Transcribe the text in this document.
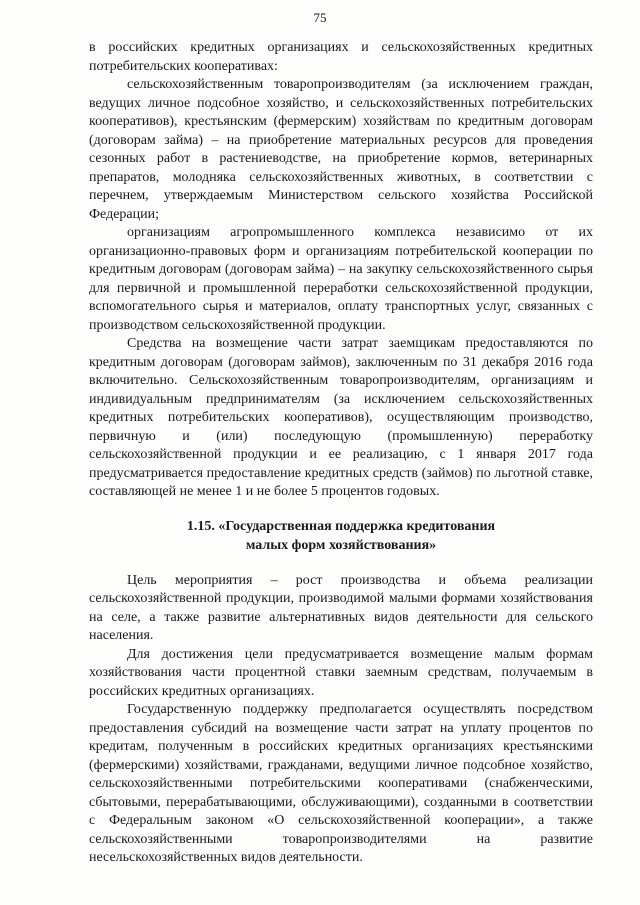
75

в российских кредитных организациях и сельскохозяйственных кредитных потребительских кооперативах:

сельскохозяйственным товаропроизводителям (за исключением граждан, ведущих личное подсобное хозяйство, и сельскохозяйственных потребительских кооперативов), крестьянским (фермерским) хозяйствам по кредитным договорам (договорам займа) – на приобретение материальных ресурсов для проведения сезонных работ в растениеводстве, на приобретение кормов, ветеринарных препаратов, молодняка сельскохозяйственных животных, в соответствии с перечнем, утверждаемым Министерством сельского хозяйства Российской Федерации;

организациям агропромышленного комплекса независимо от их организационно-правовых форм и организациям потребительской кооперации по кредитным договорам (договорам займа) – на закупку сельскохозяйственного сырья для первичной и промышленной переработки сельскохозяйственной продукции, вспомогательного сырья и материалов, оплату транспортных услуг, связанных с производством сельскохозяйственной продукции.

Средства на возмещение части затрат заемщикам предоставляются по кредитным договорам (договорам займов), заключенным по 31 декабря 2016 года включительно. Сельскохозяйственным товаропроизводителям, организациям и индивидуальным предпринимателям (за исключением сельскохозяйственных кредитных потребительских кооперативов), осуществляющим производство, первичную и (или) последующую (промышленную) переработку сельскохозяйственной продукции и ее реализацию, с 1 января 2017 года предусматривается предоставление кредитных средств (займов) по льготной ставке, составляющей не менее 1 и не более 5 процентов годовых.

1.15. «Государственная поддержка кредитования
малых форм хозяйствования»

Цель мероприятия – рост производства и объема реализации сельскохозяйственной продукции, производимой малыми формами хозяйствования на селе, а также развитие альтернативных видов деятельности для сельского населения.

Для достижения цели предусматривается возмещение малым формам хозяйствования части процентной ставки заемным средствам, получаемым в российских кредитных организациях.

Государственную поддержку предполагается осуществлять посредством предоставления субсидий на возмещение части затрат на уплату процентов по кредитам, полученным в российских кредитных организациях крестьянскими (фермерскими) хозяйствами, гражданами, ведущими личное подсобное хозяйство, сельскохозяйственными потребительскими кооперативами (снабженческими, сбытовыми, перерабатывающими, обслуживающими), созданными в соответствии с Федеральным законом «О сельскохозяйственной кооперации», а также сельскохозяйственными товаропроизводителями на развитие несельскохозяйственных видов деятельности.
